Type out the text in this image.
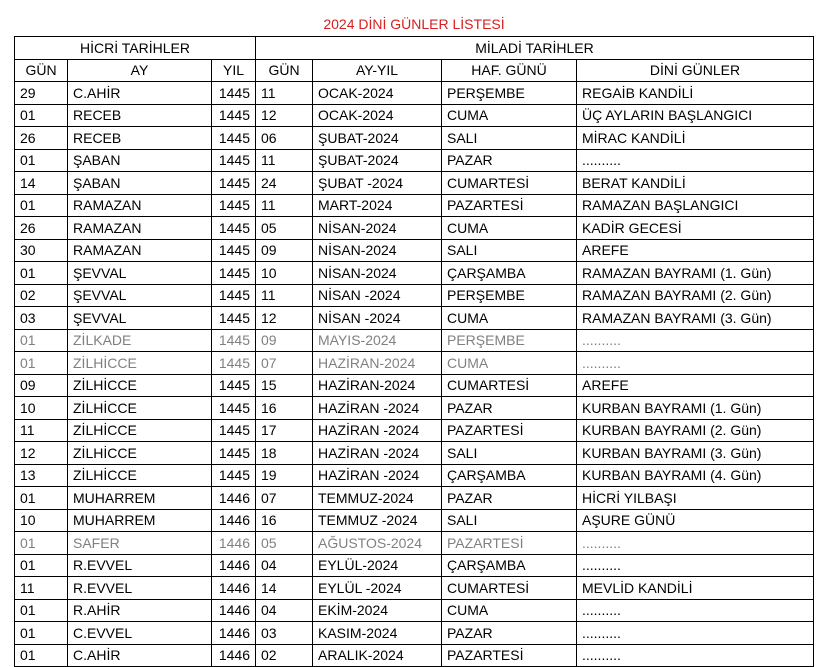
2024 DİNİ GÜNLER LİSTESİ						
HİCRİ TARİHLER			MİLADİ TARİHLER			
GÜN	AY	YIL	GÜN	AY-YIL	HAF. GÜNÜ	DİNİ GÜNLER
29	C.AHİR	1445	11	OCAK-2024	PERŞEMBE	REGAİB KANDİLİ
01	RECEB	1445	12	OCAK-2024	CUMA	ÜÇ AYLARIN BAŞLANGICI
26	RECEB	1445	06	ŞUBAT-2024	SALI	MİRAC KANDİLİ
01	ŞABAN	1445	11	ŞUBAT-2024	PAZAR	..........
14	ŞABAN	1445	24	ŞUBAT -2024	CUMARTESİ	BERAT KANDİLİ
01	RAMAZAN	1445	11	MART-2024	PAZARTESİ	RAMAZAN BAŞLANGICI
26	RAMAZAN	1445	05	NİSAN-2024	CUMA	KADİR GECESİ
30	RAMAZAN	1445	09	NİSAN-2024	SALI	AREFE
01	ŞEVVAL	1445	10	NİSAN-2024	ÇARŞAMBA	RAMAZAN BAYRAMI (1. Gün)
02	ŞEVVAL	1445	11	NİSAN -2024	PERŞEMBE	RAMAZAN BAYRAMI (2. Gün)
03	ŞEVVAL	1445	12	NİSAN -2024	CUMA	RAMAZAN BAYRAMI (3. Gün)
01	ZİLKADE	1445	09	MAYIS-2024	PERŞEMBE	..........
01	ZİLHİCCE	1445	07	HAZİRAN-2024	CUMA	..........
09	ZİLHİCCE	1445	15	HAZİRAN-2024	CUMARTESİ	AREFE
10	ZİLHİCCE	1445	16	HAZİRAN -2024	PAZAR	KURBAN BAYRAMI (1. Gün)
11	ZİLHİCCE	1445	17	HAZİRAN -2024	PAZARTESİ	KURBAN BAYRAMI (2. Gün)
12	ZİLHİCCE	1445	18	HAZİRAN -2024	SALI	KURBAN BAYRAMI (3. Gün)
13	ZİLHİCCE	1445	19	HAZİRAN -2024	ÇARŞAMBA	KURBAN BAYRAMI (4. Gün)
01	MUHARREM	1446	07	TEMMUZ-2024	PAZAR	HİCRİ YILBAŞI
10	MUHARREM	1446	16	TEMMUZ -2024	SALI	AŞURE GÜNÜ
01	SAFER	1446	05	AĞUSTOS-2024	PAZARTESİ	..........
01	R.EVVEL	1446	04	EYLÜL-2024	ÇARŞAMBA	..........
11	R.EVVEL	1446	14	EYLÜL -2024	CUMARTESİ	MEVLİD KANDİLİ
01	R.AHİR	1446	04	EKİM-2024	CUMA	..........
01	C.EVVEL	1446	03	KASIM-2024	PAZAR	..........
01	C.AHİR	1446	02	ARALIK-2024	PAZARTESİ	..........
